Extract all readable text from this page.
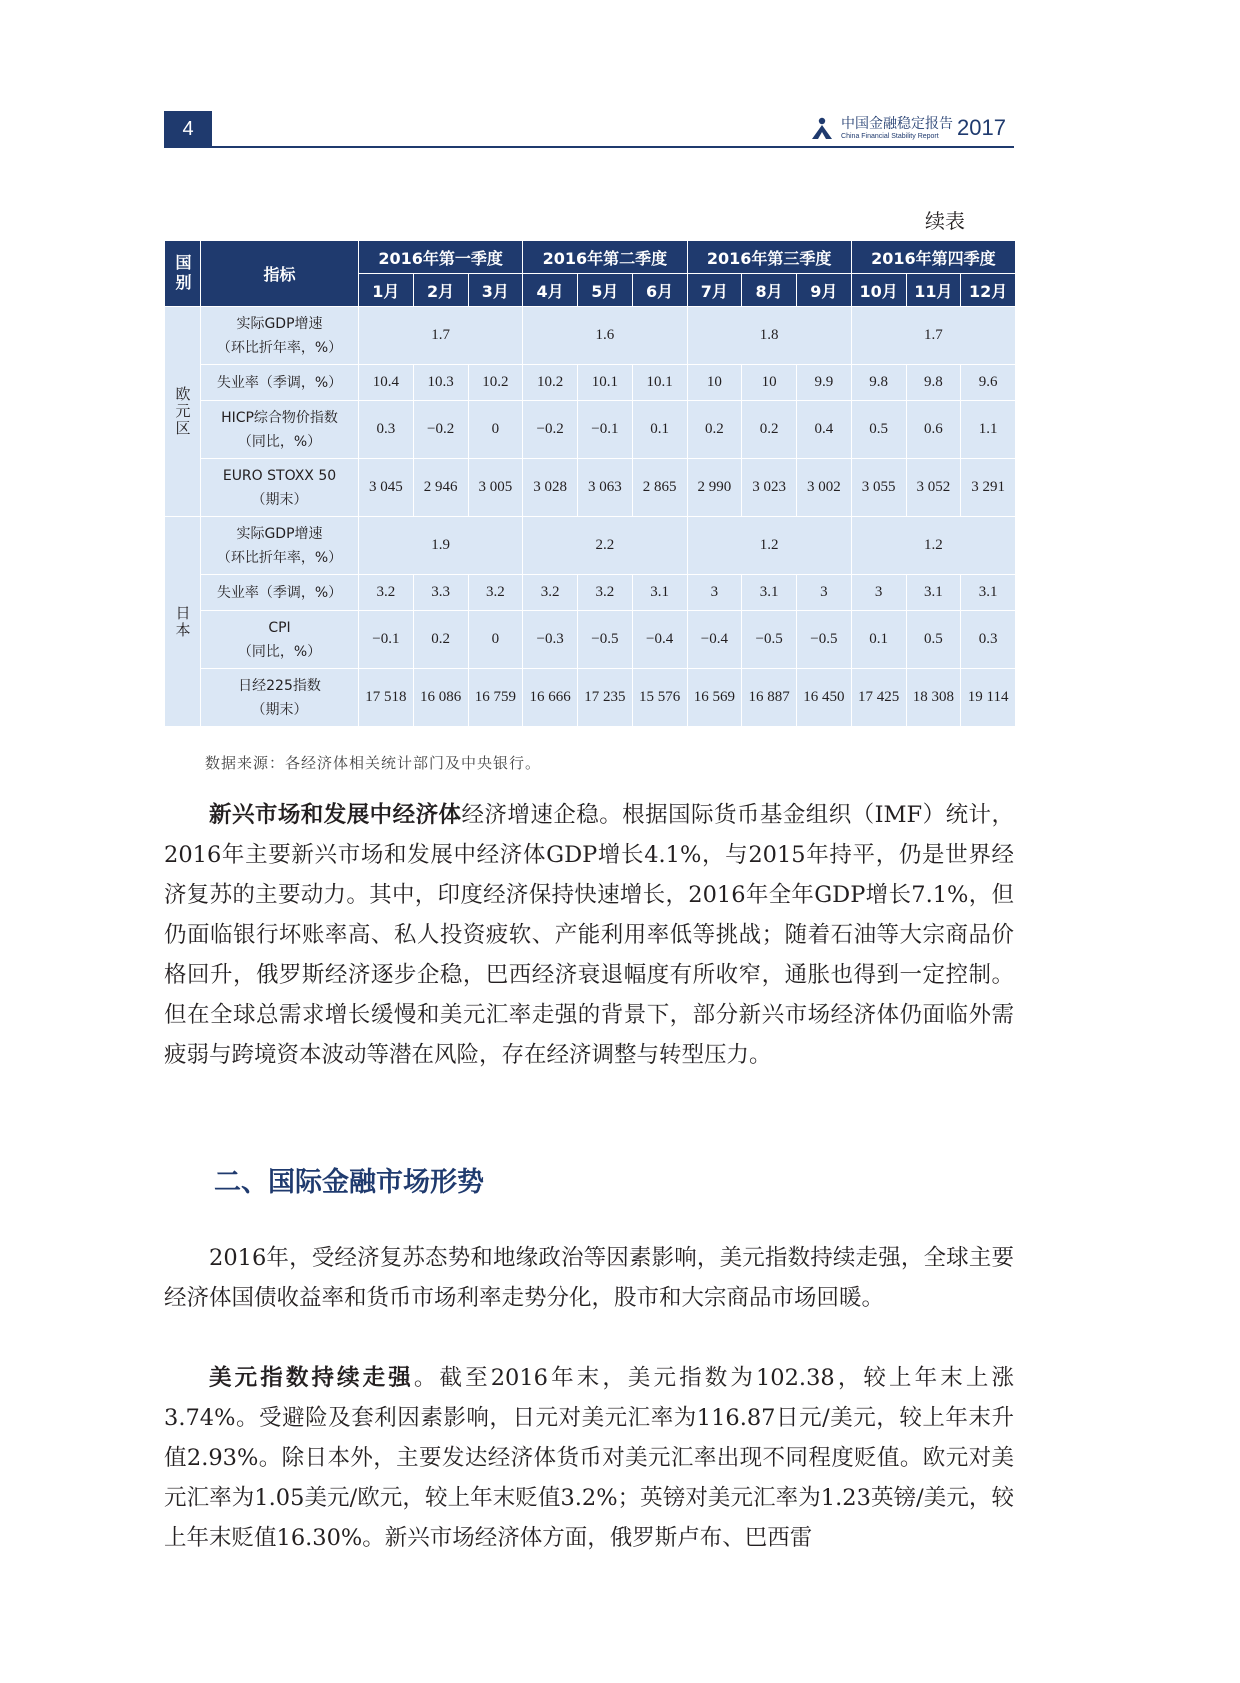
4	中国金融稳定报告
China Financial Stability Report 2017
续表
国别	指标	2016年第一季度			2016年第二季度			2016年第三季度			2016年第四季度		
		1月	2月	3月	4月	5月	6月	7月	8月	9月	10月	11月	12月
欧元区	实际GDP增速
（环比折年率，%）	1.7			1.6			1.8			1.7		

	失业率（季调，%）	10.4	10.3	10.2	10.2	10.1	10.1	10	10	9.9	9.8	9.8	9.6

	HICP综合物价指数
（同比，%）	0.3	−0.2	0	−0.2	−0.1	0.1	0.2	0.2	0.4	0.5	0.6	1.1

	EURO STOXX 50
（期末）	3 045	2 946	3 005	3 028	3 063	2 865	2 990	3 023	3 002	3 055	3 052	3 291
日本	实际GDP增速
（环比折年率，%）	1.9			2.2			1.2			1.2		

	失业率（季调，%）	3.2	3.3	3.2	3.2	3.2	3.1	3	3.1	3	3	3.1	3.1

	CPI
（同比，%）	−0.1	0.2	0	−0.3	−0.5	−0.4	−0.4	−0.5	−0.5	0.1	0.5	0.3

	日经225指数
（期末）	17 518	16 086	16 759	16 666	17 235	15 576	16 569	16 887	16 450	17 425	18 308	19 114
数据来源：各经济体相关统计部门及中央银行。
新兴市场和发展中经济体经济增速企稳。根据国际货币基金组织（IMF）统计，2016年主要新兴市场和发展中经济体GDP增长4.1%，与2015年持平，仍是世界经济复苏的主要动力。其中，印度经济保持快速增长，2016年全年GDP增长7.1%，但仍面临银行坏账率高、私人投资疲软、产能利用率低等挑战；随着石油等大宗商品价格回升，俄罗斯经济逐步企稳，巴西经济衰退幅度有所收窄，通胀也得到一定控制。但在全球总需求增长缓慢和美元汇率走强的背景下，部分新兴市场经济体仍面临外需疲弱与跨境资本波动等潜在风险，存在经济调整与转型压力。
二、国际金融市场形势
2016年，受经济复苏态势和地缘政治等因素影响，美元指数持续走强，全球主要经济体国债收益率和货币市场利率走势分化，股市和大宗商品市场回暖。
美元指数持续走强。截至2016年末，美元指数为102.38，较上年末上涨3.74%。受避险及套利因素影响，日元对美元汇率为116.87日元/美元，较上年末升值2.93%。除日本外，主要发达经济体货币对美元汇率出现不同程度贬值。欧元对美元汇率为1.05美元/欧元，较上年末贬值3.2%；英镑对美元汇率为1.23英镑/美元，较上年末贬值16.30%。新兴市场经济体方面，俄罗斯卢布、巴西雷
